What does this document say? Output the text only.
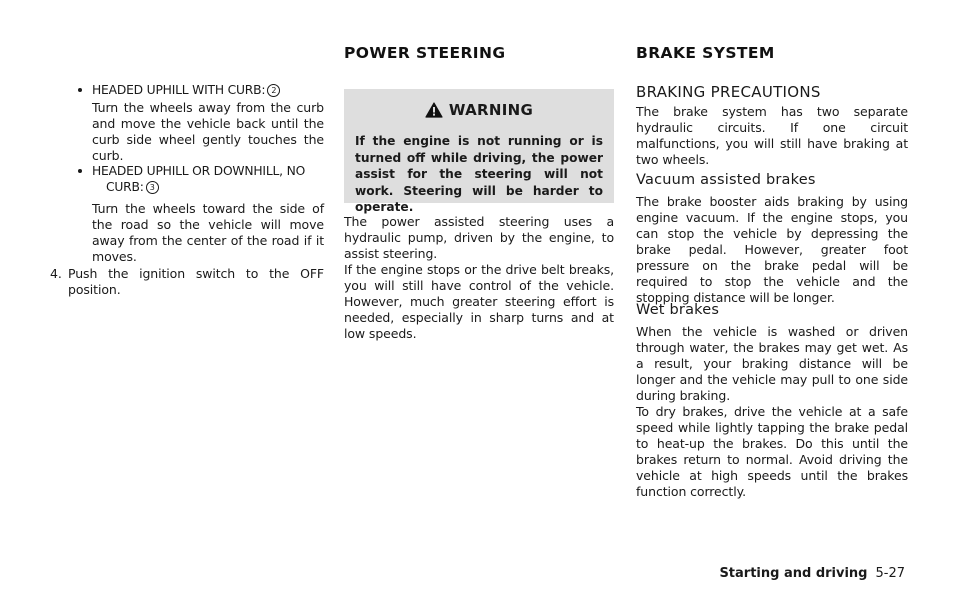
POWER STEERING	BRAKE SYSTEM
HEADED UPHILL WITH CURB: 2
Turn the wheels away from the curb and move the vehicle back until the curb side wheel gently touches the curb.
HEADED UPHILL OR DOWNHILL, NO
CURB: 3
Turn the wheels toward the side of the road so the vehicle will move away from the center of the road if it moves.
4. Push the ignition switch to the OFF position.
WARNING
If the engine is not running or is turned off while driving, the power assist for the steering will not work. Steering will be harder to operate.
The power assisted steering uses a hydraulic pump, driven by the engine, to assist steering.
If the engine stops or the drive belt breaks, you will still have control of the vehicle. However, much greater steering effort is needed, especially in sharp turns and at low speeds.
BRAKING PRECAUTIONS
The brake system has two separate hydraulic circuits. If one circuit malfunctions, you will still have braking at two wheels.
Vacuum assisted brakes
The brake booster aids braking by using engine vacuum. If the engine stops, you can stop the vehicle by depressing the brake pedal. However, greater foot pressure on the brake pedal will be required to stop the vehicle and the stopping distance will be longer.
Wet brakes
When the vehicle is washed or driven through water, the brakes may get wet. As a result, your braking distance will be longer and the vehicle may pull to one side during braking.
To dry brakes, drive the vehicle at a safe speed while lightly tapping the brake pedal to heat-up the brakes. Do this until the brakes return to normal. Avoid driving the vehicle at high speeds until the brakes function correctly.
Starting and driving 5-27
